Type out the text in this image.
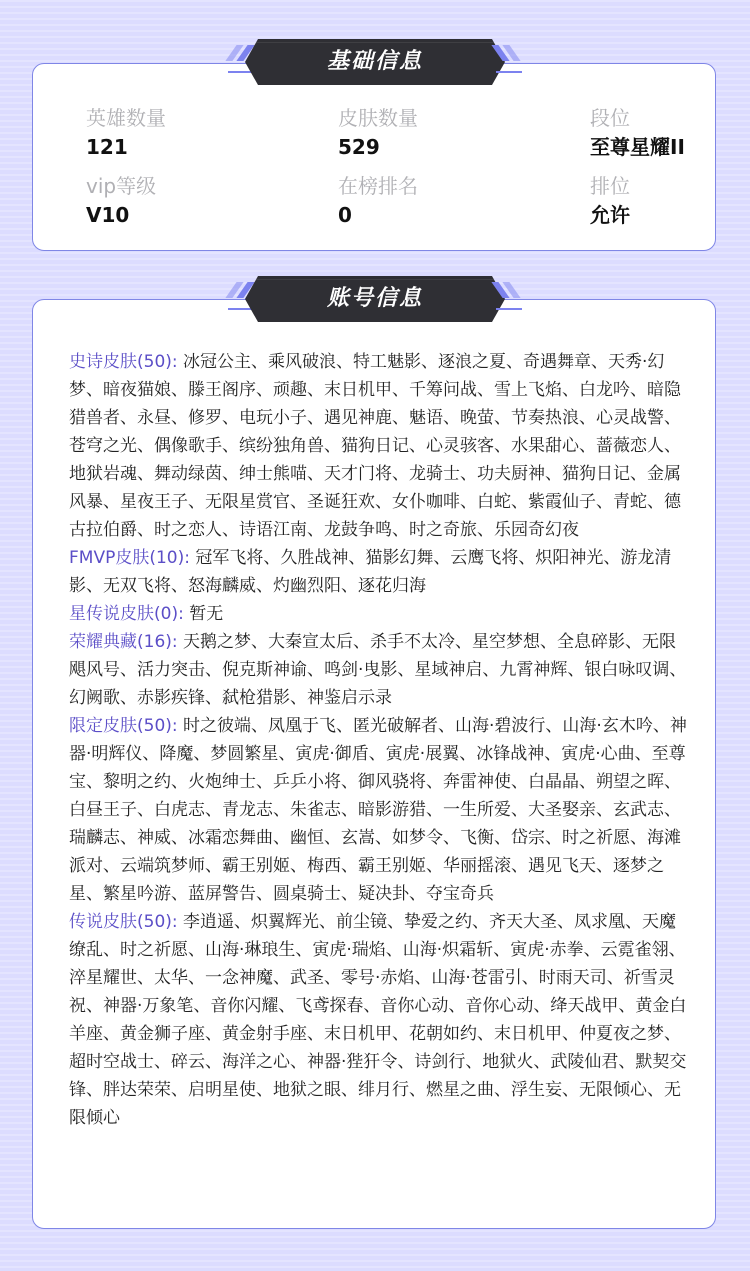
英雄数量
121
皮肤数量
529
段位
至尊星耀II
vip等级
V10
在榜排名
0
排位
允许
基础信息

史诗皮肤(50): 冰冠公主、乘风破浪、特工魅影、逐浪之夏、奇遇舞章、天秀·幻梦、暗夜猫娘、滕王阁序、顽趣、末日机甲、千筹问战、雪上飞焰、白龙吟、暗隐猎兽者、永昼、修罗、电玩小子、遇见神鹿、魅语、晚萤、节奏热浪、心灵战警、苍穹之光、偶像歌手、缤纷独角兽、猫狗日记、心灵骇客、水果甜心、蔷薇恋人、地狱岩魂、舞动绿茵、绅士熊喵、天才门将、龙骑士、功夫厨神、猫狗日记、金属风暴、星夜王子、无限星赏官、圣诞狂欢、女仆咖啡、白蛇、紫霞仙子、青蛇、德古拉伯爵、时之恋人、诗语江南、龙鼓争鸣、时之奇旅、乐园奇幻夜

FMVP皮肤(10): 冠军飞将、久胜战神、猫影幻舞、云鹰飞将、炽阳神光、游龙清影、无双飞将、怒海麟威、灼幽烈阳、逐花归海

星传说皮肤(0): 暂无

荣耀典藏(16): 天鹅之梦、大秦宣太后、杀手不太冷、星空梦想、全息碎影、无限飓风号、活力突击、倪克斯神谕、鸣剑·曳影、星域神启、九霄神辉、银白咏叹调、幻阙歌、赤影疾锋、弑枪猎影、神鉴启示录

限定皮肤(50): 时之彼端、凤凰于飞、匿光破解者、山海·碧波行、山海·玄木吟、神器·明辉仪、降魔、梦圆繁星、寅虎·御盾、寅虎·展翼、冰锋战神、寅虎·心曲、至尊宝、黎明之约、火炮绅士、乒乒小将、御风骁将、奔雷神使、白晶晶、朔望之晖、白昼王子、白虎志、青龙志、朱雀志、暗影游猎、一生所爱、大圣娶亲、玄武志、瑞麟志、神威、冰霜恋舞曲、幽恒、玄嵩、如梦令、飞衡、岱宗、时之祈愿、海滩派对、云端筑梦师、霸王别姬、梅西、霸王别姬、华丽摇滚、遇见飞天、逐梦之星、繁星吟游、蓝屏警告、圆桌骑士、疑决卦、夺宝奇兵

传说皮肤(50): 李逍遥、炽翼辉光、前尘镜、挚爱之约、齐天大圣、凤求凰、天魔缭乱、时之祈愿、山海·琳琅生、寅虎·瑞焰、山海·炽霜斩、寅虎·赤拳、云霓雀翎、淬星耀世、太华、一念神魔、武圣、零号·赤焰、山海·苍雷引、时雨天司、祈雪灵祝、神器·万象笔、音你闪耀、飞鸢探春、音你心动、音你心动、绛天战甲、黄金白羊座、黄金狮子座、黄金射手座、末日机甲、花朝如约、末日机甲、仲夏夜之梦、超时空战士、碎云、海洋之心、神器·狴犴令、诗剑行、地狱火、武陵仙君、默契交锋、胖达荣荣、启明星使、地狱之眼、绯月行、燃星之曲、浮生妄、无限倾心、无限倾心

账号信息
